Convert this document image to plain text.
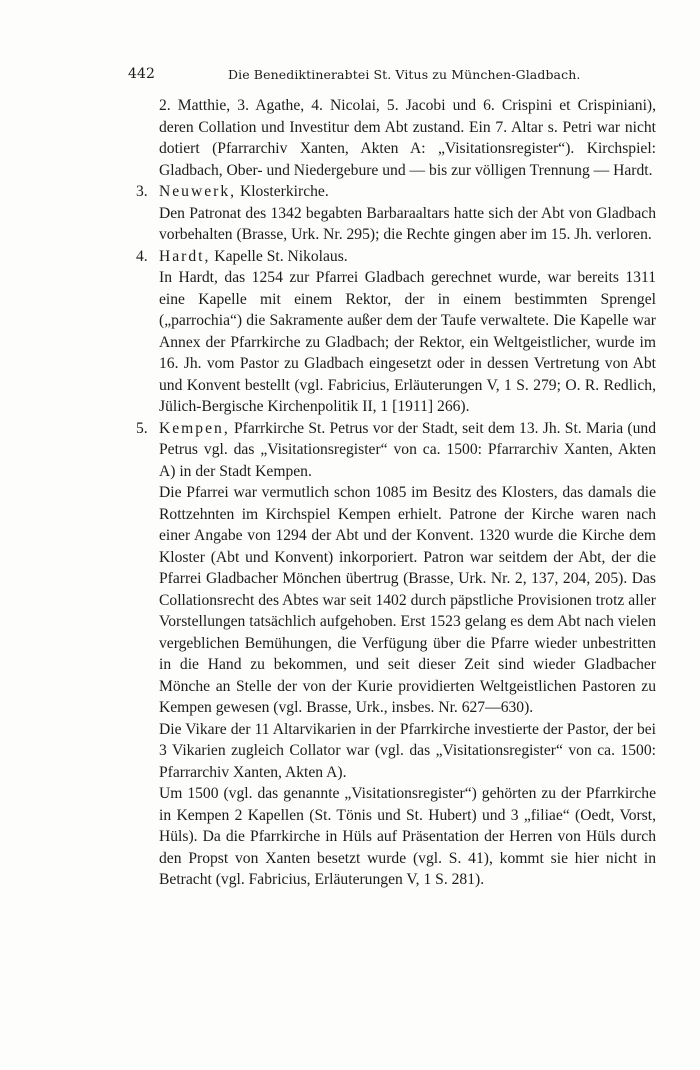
442	Die Benediktinerabtei St. Vitus zu München-Gladbach.

2. Matthie, 3. Agathe, 4. Nicolai, 5. Jacobi und 6. Crispini et Crispiniani), deren Collation und Investitur dem Abt zustand. Ein 7. Altar s. Petri war nicht dotiert (Pfarrarchiv Xanten, Akten A: „Visitationsregister“). Kirchspiel: Gladbach, Ober- und Niedergebure und — bis zur völligen Trennung — Hardt.

3. Neuwerk, Klosterkirche.

Den Patronat des 1342 begabten Barbaraaltars hatte sich der Abt von Gladbach vorbehalten (Brasse, Urk. Nr. 295); die Rechte gingen aber im 15. Jh. verloren.

4. Hardt, Kapelle St. Nikolaus.

In Hardt, das 1254 zur Pfarrei Gladbach gerechnet wurde, war bereits 1311 eine Kapelle mit einem Rektor, der in einem bestimmten Sprengel („parrochia“) die Sakramente außer dem der Taufe verwaltete. Die Kapelle war Annex der Pfarrkirche zu Gladbach; der Rektor, ein Weltgeistlicher, wurde im 16. Jh. vom Pastor zu Gladbach eingesetzt oder in dessen Vertretung von Abt und Konvent bestellt (vgl. Fabricius, Erläuterungen V, 1 S. 279; O. R. Redlich, Jülich-Bergische Kirchenpolitik II, 1 [1911] 266).

5. Kempen, Pfarrkirche St. Petrus vor der Stadt, seit dem 13. Jh. St. Maria (und Petrus vgl. das „Visitationsregister“ von ca. 1500: Pfarrarchiv Xanten, Akten A) in der Stadt Kempen.

Die Pfarrei war vermutlich schon 1085 im Besitz des Klosters, das damals die Rottzehnten im Kirchspiel Kempen erhielt. Patrone der Kirche waren nach einer Angabe von 1294 der Abt und der Konvent. 1320 wurde die Kirche dem Kloster (Abt und Konvent) inkorporiert. Patron war seitdem der Abt, der die Pfarrei Gladbacher Mönchen übertrug (Brasse, Urk. Nr. 2, 137, 204, 205). Das Collationsrecht des Abtes war seit 1402 durch päpstliche Provisionen trotz aller Vorstellungen tatsächlich aufgehoben. Erst 1523 gelang es dem Abt nach vielen vergeblichen Bemühungen, die Verfügung über die Pfarre wieder unbestritten in die Hand zu bekommen, und seit dieser Zeit sind wieder Gladbacher Mönche an Stelle der von der Kurie providierten Weltgeistlichen Pastoren zu Kempen gewesen (vgl. Brasse, Urk., insbes. Nr. 627—630).

Die Vikare der 11 Altarvikarien in der Pfarrkirche investierte der Pastor, der bei 3 Vikarien zugleich Collator war (vgl. das „Visitationsregister“ von ca. 1500: Pfarrarchiv Xanten, Akten A).

Um 1500 (vgl. das genannte „Visitationsregister“) gehörten zu der Pfarrkirche in Kempen 2 Kapellen (St. Tönis und St. Hubert) und 3 „filiae“ (Oedt, Vorst, Hüls). Da die Pfarrkirche in Hüls auf Präsentation der Herren von Hüls durch den Propst von Xanten besetzt wurde (vgl. S. 41), kommt sie hier nicht in Betracht (vgl. Fabricius, Erläuterungen V, 1 S. 281).
